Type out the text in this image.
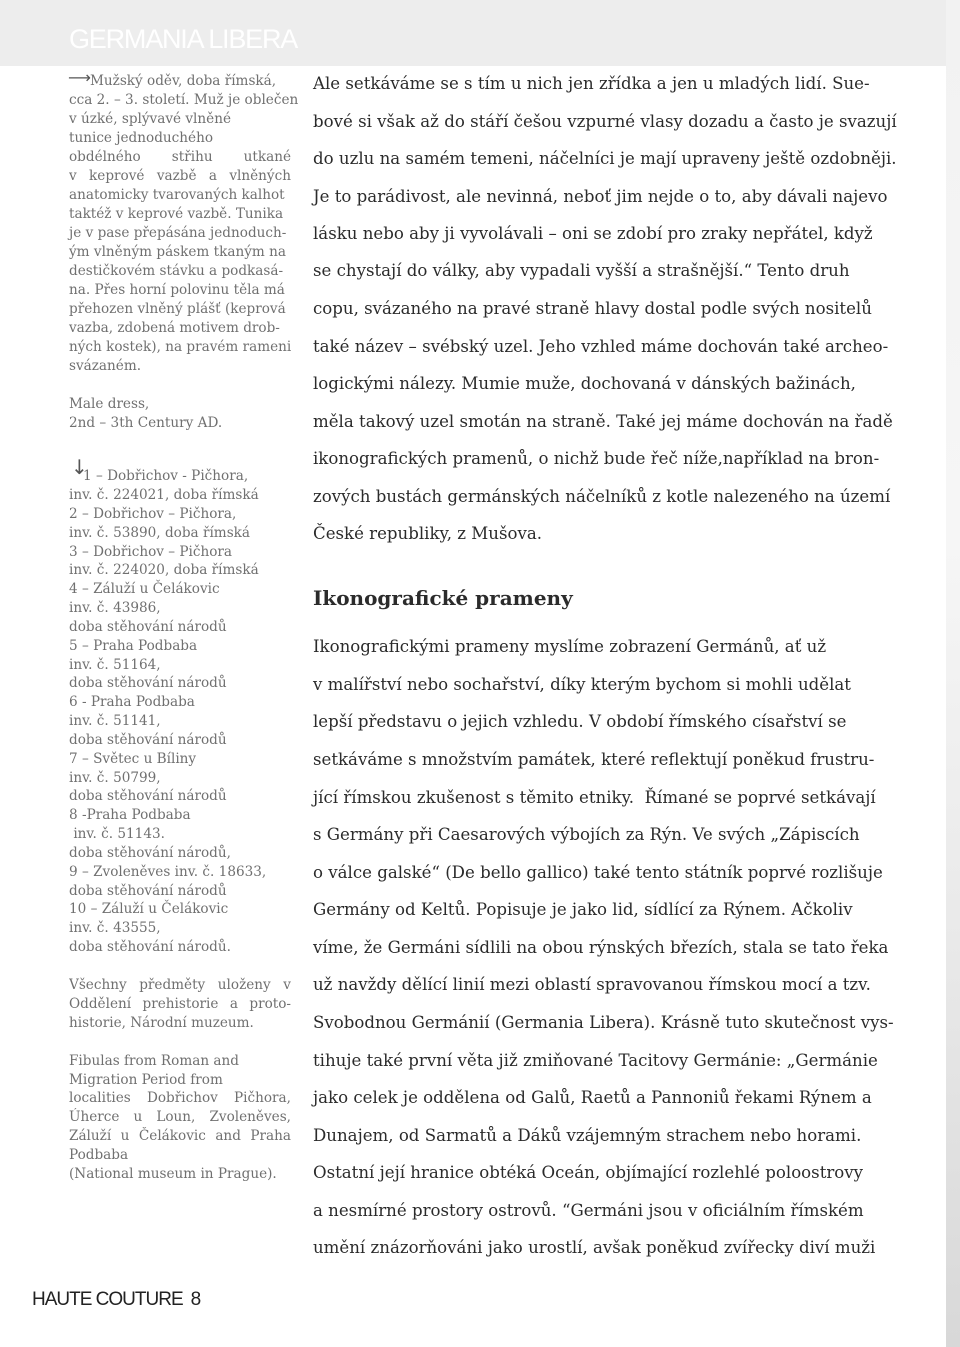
GERMANIA LIBERA
⟶ Mužský oděv, doba římská,
cca 2. – 3. století. Muž je oblečen
v úzké, splývavé vlněné
tunice jednoduchého
obdélného střihu utkané
v keprové vazbě a vlněných
anatomicky tvarovaných kalhot
taktéž v keprové vazbě. Tunika
je v pase přepásána jednoduch-
ým vlněným páskem tkaným na
destičkovém stávku a podkasá-
na. Přes horní polovinu těla má
přehozen vlněný plášť (keprová
vazba, zdobená motivem drob-
ných kostek), na pravém rameni
svázaném.
Male dress,
2nd – 3th Century AD.
↓
1 – Dobřichov - Pičhora,
inv. č. 224021, doba římská
2 – Dobřichov – Pičhora,
inv. č. 53890, doba římská
3 – Dobřichov – Pičhora
inv. č. 224020, doba římská
4 – Záluží u Čelákovic
inv. č. 43986,
doba stěhování národů
5 – Praha Podbaba
inv. č. 51164,
doba stěhování národů
6 - Praha Podbaba
inv. č. 51141,
doba stěhování národů
7 – Světec u Bíliny
inv. č. 50799,
doba stěhování národů
8 -Praha Podbaba
inv. č. 51143.
doba stěhování národů,
9 – Zvoleněves inv. č. 18633,
doba stěhování národů
10 – Záluží u Čelákovic
inv. č. 43555,
doba stěhování národů.
Všechny předměty uloženy v
Oddělení prehistorie a proto-
historie, Národní muzeum.
Fibulas from Roman and
Migration Period from
localities Dobřichov Pičhora,
Úherce u Loun, Zvoleněves,
Záluží u Čelákovic and Praha
Podbaba
(National museum in Prague).
Ale setkáváme se s tím u nich jen zřídka a jen u mladých lidí. Sue-
bové si však až do stáří češou vzpurné vlasy dozadu a často je svazují
do uzlu na samém temeni, náčelníci je mají upraveny ještě ozdobněji.
Je to parádivost, ale nevinná, neboť jim nejde o to, aby dávali najevo
lásku nebo aby ji vyvolávali – oni se zdobí pro zraky nepřátel, když
se chystají do války, aby vypadali vyšší a strašnější.“ Tento druh
copu, svázaného na pravé straně hlavy dostal podle svých nositelů
také název – svébský uzel. Jeho vzhled máme dochován také archeo-
logickými nálezy. Mumie muže, dochovaná v dánských bažinách,
měla takový uzel smotán na straně. Také jej máme dochován na řadě
ikonografických pramenů, o nichž bude řeč níže,například na bron-
zových bustách germánských náčelníků z kotle nalezeného na území
České republiky, z Mušova.
Ikonografickými prameny myslíme zobrazení Germánů, ať už
v malířství nebo sochařství, díky kterým bychom si mohli udělat
lepší představu o jejich vzhledu. V období římského císařství se
setkáváme s množstvím památek, které reflektují poněkud frustru-
jící římskou zkušenost s těmito etniky.  Římané se poprvé setkávají
s Germány při Caesarových výbojích za Rýn. Ve svých „Zápiscích
o válce galské“ (De bello gallico) také tento státník poprvé rozlišuje
Germány od Keltů. Popisuje je jako lid, sídlící za Rýnem. Ačkoliv
víme, že Germáni sídlili na obou rýnských březích, stala se tato řeka
už navždy dělící linií mezi oblastí spravovanou římskou mocí a tzv.
Svobodnou Germánií (Germania Libera). Krásně tuto skutečnost vys-
tihuje také první věta již zmiňované Tacitovy Germánie: „Germánie
jako celek je oddělena od Galů, Raetů a Pannoniů řekami Rýnem a
Dunajem, od Sarmatů a Dáků vzájemným strachem nebo horami.
Ostatní její hranice obtéká Oceán, objímající rozlehlé poloostrovy
a nesmírné prostory ostrovů. “Germáni jsou v oficiálním římském
umění znázorňováni jako urostlí, avšak poněkud zvířecky diví muži
Ikonografické prameny
HAUTE COUTURE 8
